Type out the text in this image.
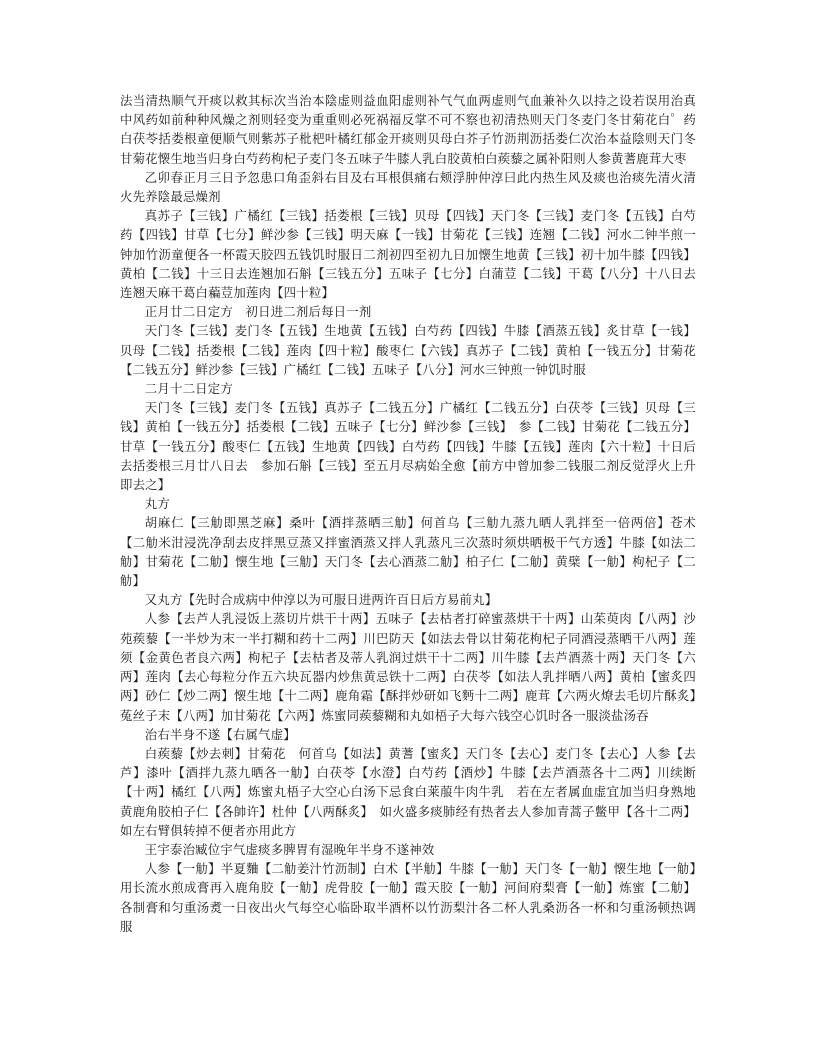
法当清热顺气开痰以救其标次当治本陰虚则益血阳虚则补气气血两虚则气血兼补久以持之设若误用治真中风药如前种种风燥之剂则轻变为重重则必死祸福反掌不可不察也初清热则天门冬麦门冬甘菊花白゜药白茯苓括娄根童便顺气则紫苏子枇杷叶橘红郁金开痰则贝母白芥子竹沥荆沥括娄仁次治本益陰则天门冬甘菊花懐生地当归身白芍药枸杞子麦门冬五味子牛膝人乳白胶黄柏白蒺藜之属补阳则人参黄蓍鹿茸大枣

乙卯春正月三日予忽患口角歪斜右目及右耳根俱痛右颊浮肿仲淳曰此内热生风及痰也治痰先清火清火先养陰最忌燥剂

真苏子【三钱】广橘红【三钱】括娄根【三钱】贝母【四钱】天门冬【三钱】麦门冬【五钱】白芍药【四钱】甘草【七分】鲜沙参【三钱】明天麻【一钱】甘菊花【三钱】连翘【二钱】河水二钟半煎一钟加竹沥童便各一杯霞天胶四五钱饥时服日二剂初四至初九日加懐生地黄【三钱】初十加牛膝【四钱】黄柏【二钱】十三日去连翘加石斛【三钱五分】五味子【七分】白蒲荳【二钱】干葛【八分】十八日去连翘天麻干葛白藊荳加莲肉【四十粒】

正月廿二日定方　初日进二剂后每日一剂

天门冬【三钱】麦门冬【五钱】生地黄【五钱】白芍药【四钱】牛膝【酒蒸五钱】炙甘草【一钱】贝母【二钱】括娄根【二钱】莲肉【四十粒】酸枣仁【六钱】真苏子【二钱】黄柏【一钱五分】甘菊花【二钱五分】鲜沙参【三钱】广橘红【二钱】五味子【八分】河水三钟煎一钟饥时服

二月十二日定方

天门冬【三钱】麦门冬【五钱】真苏子【二钱五分】广橘红【二钱五分】白茯苓【三钱】贝母【三钱】黄柏【一钱五分】括娄根【二钱】五味子【七分】鲜沙参【三钱】　参【二钱】甘菊花【二钱五分】甘草【一钱五分】酸枣仁【五钱】生地黄【四钱】白芍药【四钱】牛膝【五钱】莲肉【六十粒】十日后去括娄根三月廿八日去　参加石斛【三钱】至五月尽病始全愈【前方中曾加参二钱服二剂反觉浮火上升即去之】

丸方

胡麻仁【三觔即黑芝麻】桑叶【酒拌蒸晒三觔】何首乌【三觔九蒸九晒人乳拌至一倍两倍】苍术【二觔米泔浸洗净刮去皮拌黑豆蒸又拌蜜酒蒸又拌人乳蒸凡三次蒸时须烘晒极干气方透】牛膝【如法二觔】甘菊花【二觔】懐生地【三觔】天门冬【去心酒蒸二觔】柏子仁【二觔】黄檗【一觔】枸杞子【二觔】

又丸方【先时合成病中仲淳以为可服日进两许百日后方易前丸】

人参【去芦人乳浸饭上蒸切片烘干十两】五味子【去枯者打碎蜜蒸烘干十两】山茱萸肉【八两】沙苑蒺藜【一半炒为末一半打糊和药十二两】川巴防天【如法去骨以甘菊花枸杞子同酒浸蒸晒干八两】莲须【金黄色者良六两】枸杞子【去枯者及蒂人乳润过烘干十二两】川牛膝【去芦酒蒸十两】天门冬【六两】莲肉【去心每粒分作五六块瓦器内炒焦黄忌铁十二两】白茯苓【如法人乳拌晒八两】黄柏【蜜炙四两】砂仁【炒二两】懐生地【十二两】鹿角霜【酥拌炒研如飞麪十二两】鹿茸【六两火燎去毛切片酥炙】菟丝子末【八两】加甘菊花【六两】炼蜜同蒺藜糊和丸如梧子大每六钱空心饥时各一服淡盐汤吞

治右半身不遂【右属气虚】

白蒺藜【炒去刺】甘菊花　何首乌【如法】黄蓍【蜜炙】天门冬【去心】麦门冬【去心】人参【去芦】漆叶【酒拌九蒸九晒各一觔】白茯苓【水澄】白芍药【酒炒】牛膝【去芦酒蒸各十二两】川续断【十两】橘红【八两】炼蜜丸梧子大空心白汤下忌食白莱菔牛肉牛乳　若在左者属血虚宜加当归身熟地黄鹿角胶柏子仁【各帥许】杜仲【八两酥炙】　如火盛多痰肺经有热者去人参加青蒿子鳖甲【各十二两】如左右臂俱转掉不便者亦用此方

王宇泰治臧位宇气虚痰多脾胃有湿晚年半身不遂神效

人参【一觔】半夏麯【二觔姜汁竹沥制】白术【半觔】牛膝【一觔】天门冬【一觔】懐生地【一觔】用长流水煎成膏再入鹿角胶【一觔】虎骨胶【一觔】霞天胶【一觔】河间府梨膏【一觔】炼蜜【二觔】各制膏和匀重汤煑一日夜出火气每空心临卧取半酒杯以竹沥梨汁各二杯人乳桑沥各一杯和匀重汤顿热调服
